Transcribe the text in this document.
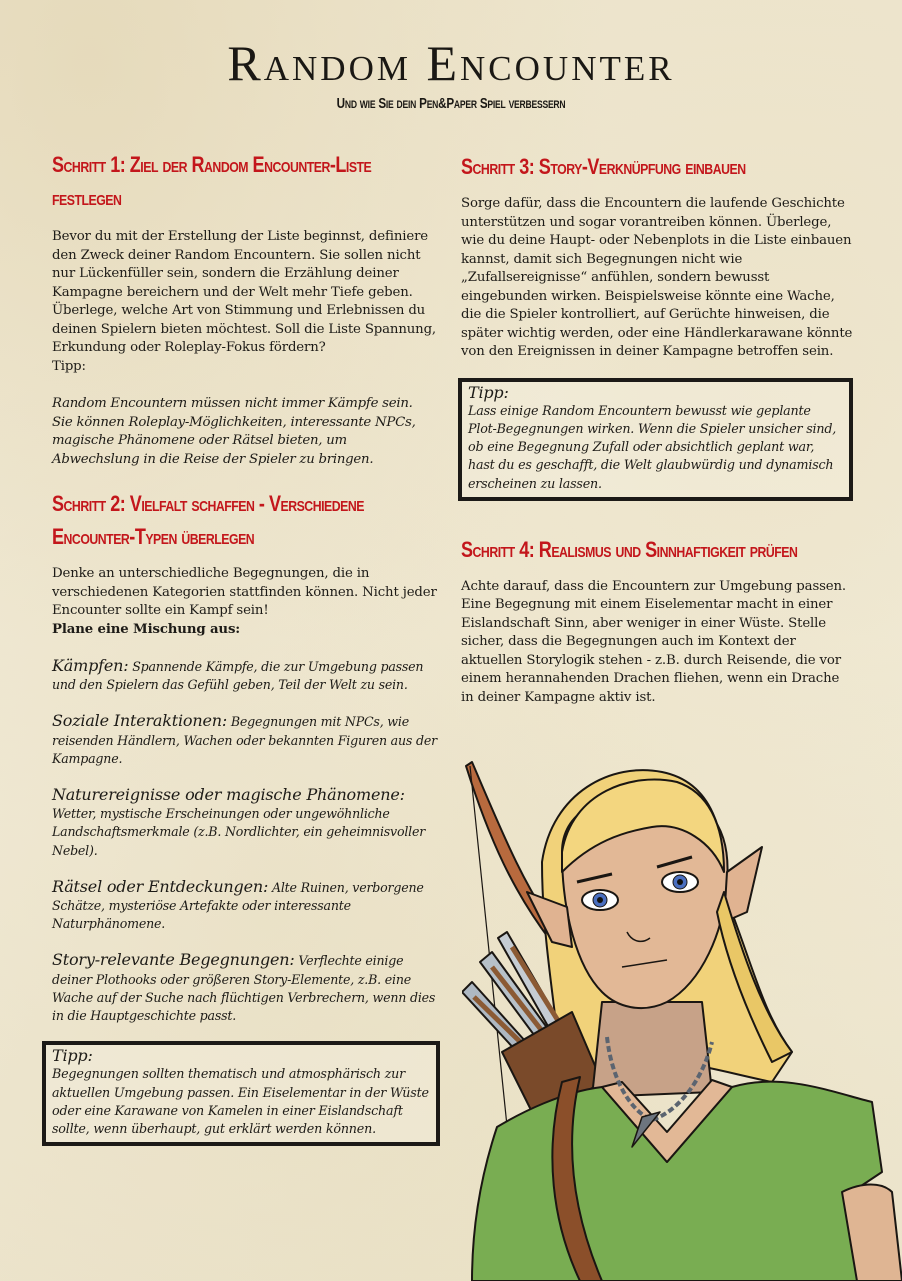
Random Encounter
Und wie Sie dein Pen&Paper Spiel verbessern
Schritt 1: Ziel der Random Encounter-Liste
festlegen

Bevor du mit der Erstellung der Liste beginnst, definiere den Zweck deiner Random Encountern. Sie sollen nicht nur Lückenfüller sein, sondern die Erzählung deiner Kampagne bereichern und der Welt mehr Tiefe geben. Überlege, welche Art von Stimmung und Erlebnissen du deinen Spielern bieten möchtest. Soll die Liste Spannung, Erkundung oder Roleplay-Fokus fördern?

Tipp:

Random Encountern müssen nicht immer Kämpfe sein. Sie können Roleplay-Möglichkeiten, interessante NPCs, magische Phänomene oder Rätsel bieten, um Abwechslung in die Reise der Spieler zu bringen.

Schritt 2: Vielfalt schaffen - Verschiedene
Encounter-Typen überlegen

Denke an unterschiedliche Begegnungen, die in verschiedenen Kategorien stattfinden können. Nicht jeder Encounter sollte ein Kampf sein!

Plane eine Mischung aus:

Kämpfen: Spannende Kämpfe, die zur Umgebung passen und den Spielern das Gefühl geben, Teil der Welt zu sein.
Soziale Interaktionen: Begegnungen mit NPCs, wie reisenden Händlern, Wachen oder bekannten Figuren aus der Kampagne.
Naturereignisse oder magische Phänomene: Wetter, mystische Erscheinungen oder ungewöhnliche Landschaftsmerkmale (z.B. Nordlichter, ein geheimnisvoller Nebel).
Rätsel oder Entdeckungen: Alte Ruinen, verborgene Schätze, mysteriöse Artefakte oder interessante Naturphänomene.
Story-relevante Begegnungen: Verflechte einige deiner Plothooks oder größeren Story-Elemente, z.B. eine Wache auf der Suche nach flüchtigen Verbrechern, wenn dies in die Hauptgeschichte passt.
Tipp:
Begegnungen sollten thematisch und atmosphärisch zur aktuellen Umgebung passen. Ein Eiselementar in der Wüste oder eine Karawane von Kamelen in einer Eislandschaft sollte, wenn überhaupt, gut erklärt werden können.
Schritt 3: Story-Verknüpfung einbauen

Sorge dafür, dass die Encountern die laufende Geschichte unterstützen und sogar vorantreiben können. Überlege, wie du deine Haupt- oder Nebenplots in die Liste einbauen kannst, damit sich Begegnungen nicht wie „Zufallsereignisse“ anfühlen, sondern bewusst eingebunden wirken. Beispielsweise könnte eine Wache, die die Spieler kontrolliert, auf Gerüchte hinweisen, die später wichtig werden, oder eine Händlerkarawane könnte von den Ereignissen in deiner Kampagne betroffen sein.

Tipp:
Lass einige Random Encountern bewusst wie geplante Plot-Begegnungen wirken. Wenn die Spieler unsicher sind, ob eine Begegnung Zufall oder absichtlich geplant war, hast du es geschafft, die Welt glaubwürdig und dynamisch erscheinen zu lassen.
Schritt 4: Realismus und Sinnhaftigkeit prüfen

Achte darauf, dass die Encountern zur Umgebung passen. Eine Begegnung mit einem Eiselementar macht in einer Eislandschaft Sinn, aber weniger in einer Wüste. Stelle sicher, dass die Begegnungen auch im Kontext der aktuellen Storylogik stehen - z.B. durch Reisende, die vor einem herannahenden Drachen fliehen, wenn ein Drache in deiner Kampagne aktiv ist.
